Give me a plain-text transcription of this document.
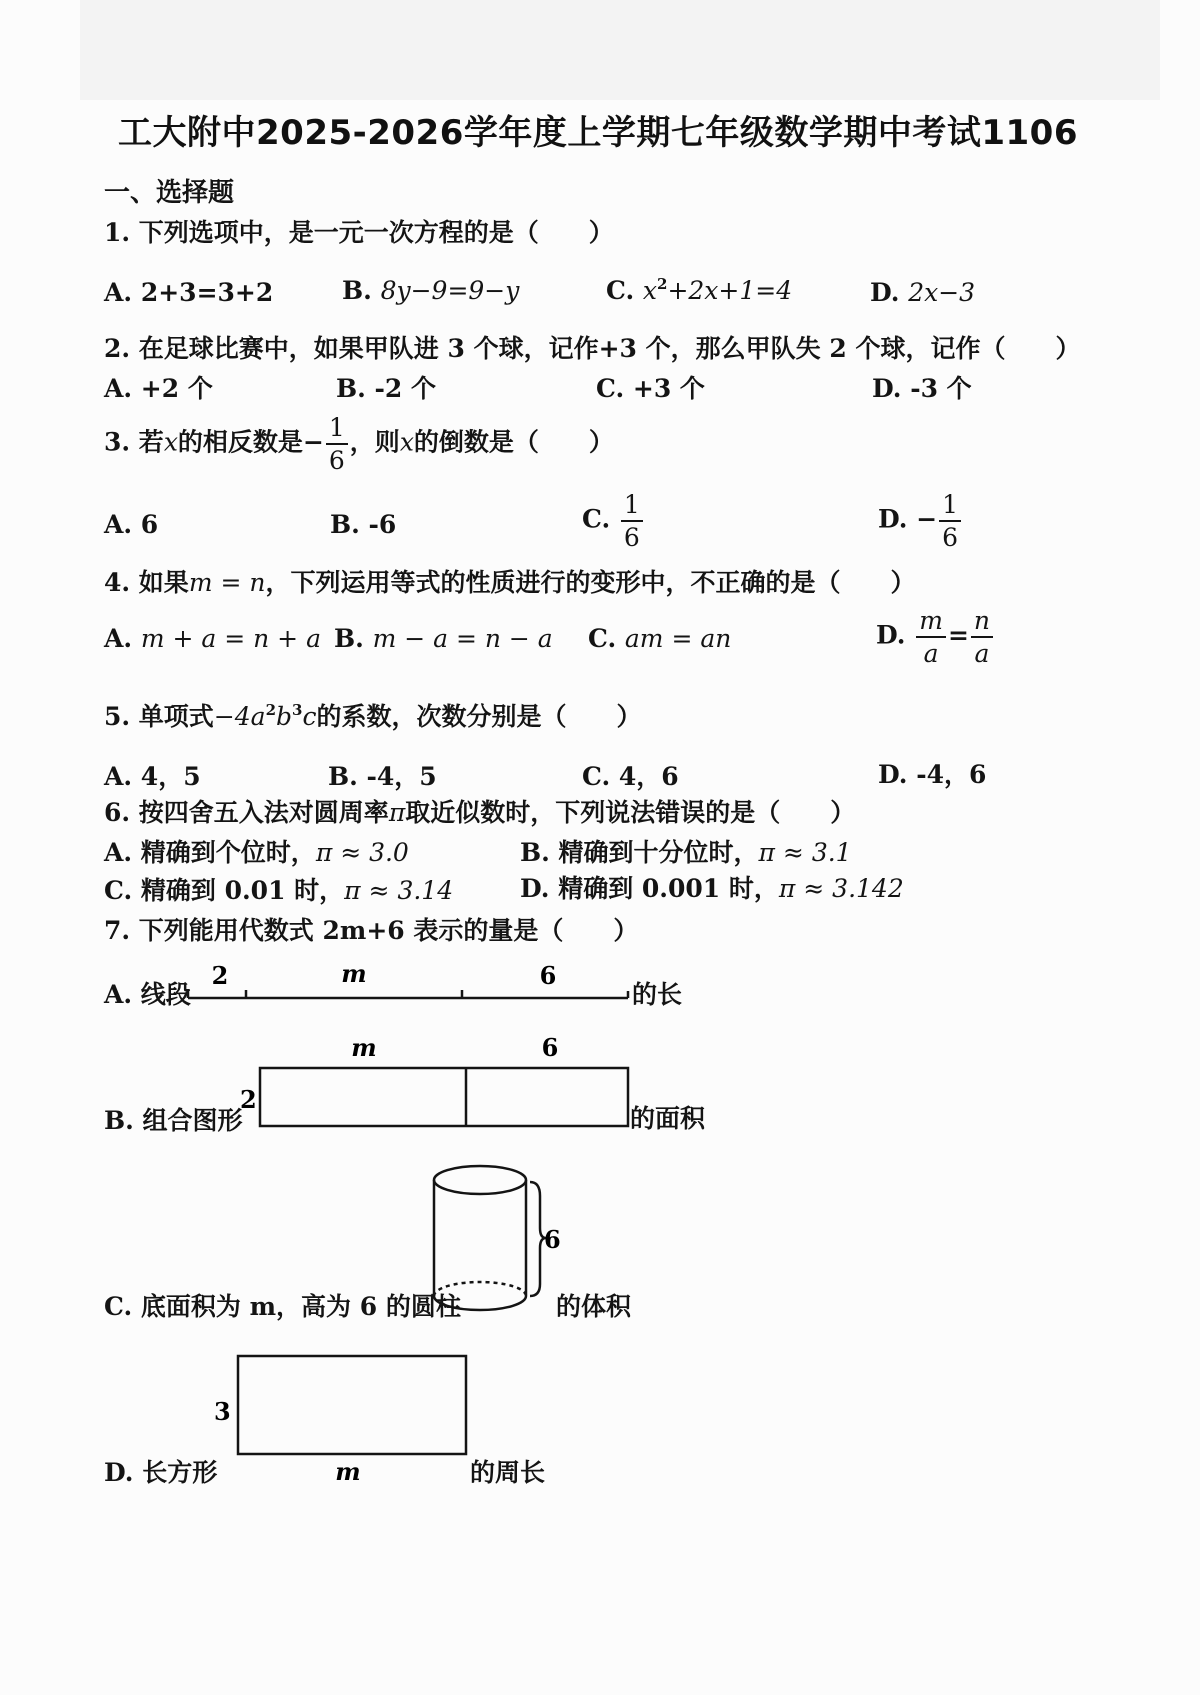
工大附中2025-2026学年度上学期七年级数学期中考试1106
一、选择题
1. 下列选项中，是一元一次方程的是（　　）
A. 2+3=3+2	B. 8y−9=9−y	C. $x^2+2x+1=4$	D. 2x−3
2. 在足球比赛中，如果甲队进 3 个球，记作+3 个，那么甲队失 2 个球，记作（　　）
A. +2 个	B. -2 个	C. +3 个	D. -3 个
3. 若x的相反数是− $\frac{1}{6}$ ，则x的倒数是（　　）
A. 6	B. -6	C. $\frac{1}{6}$	D. − $\frac{1}{6}$
4. 如果m = n，下列运用等式的性质进行的变形中，不正确的是（　　）
A. m + a = n + a B. m − a = n − a C. am = an	D. $\frac{m}{a} = \frac{n}{a}$
5. 单项式$-4a^2b^3c$的系数，次数分别是（　　）
A. 4，5	B. -4，5	C. 4，6	D. -4，6
6. 按四舍五入法对圆周率π取近似数时，下列说法错误的是（　　）
A. 精确到个位时，π ≈ 3.0	B. 精确到十分位时，π ≈ 3.1
C. 精确到 0.01 时，π ≈ 3.14	D. 精确到 0.001 时，π ≈ 3.142
7. 下列能用代数式 2m+6 表示的量是（　　）
A. 线段
2	m	6
的长
B. 组合图形
2
m	6
的面积
C. 底面积为 m，高为 6 的圆柱
6
的体积
D. 长方形
3
m	的周长
